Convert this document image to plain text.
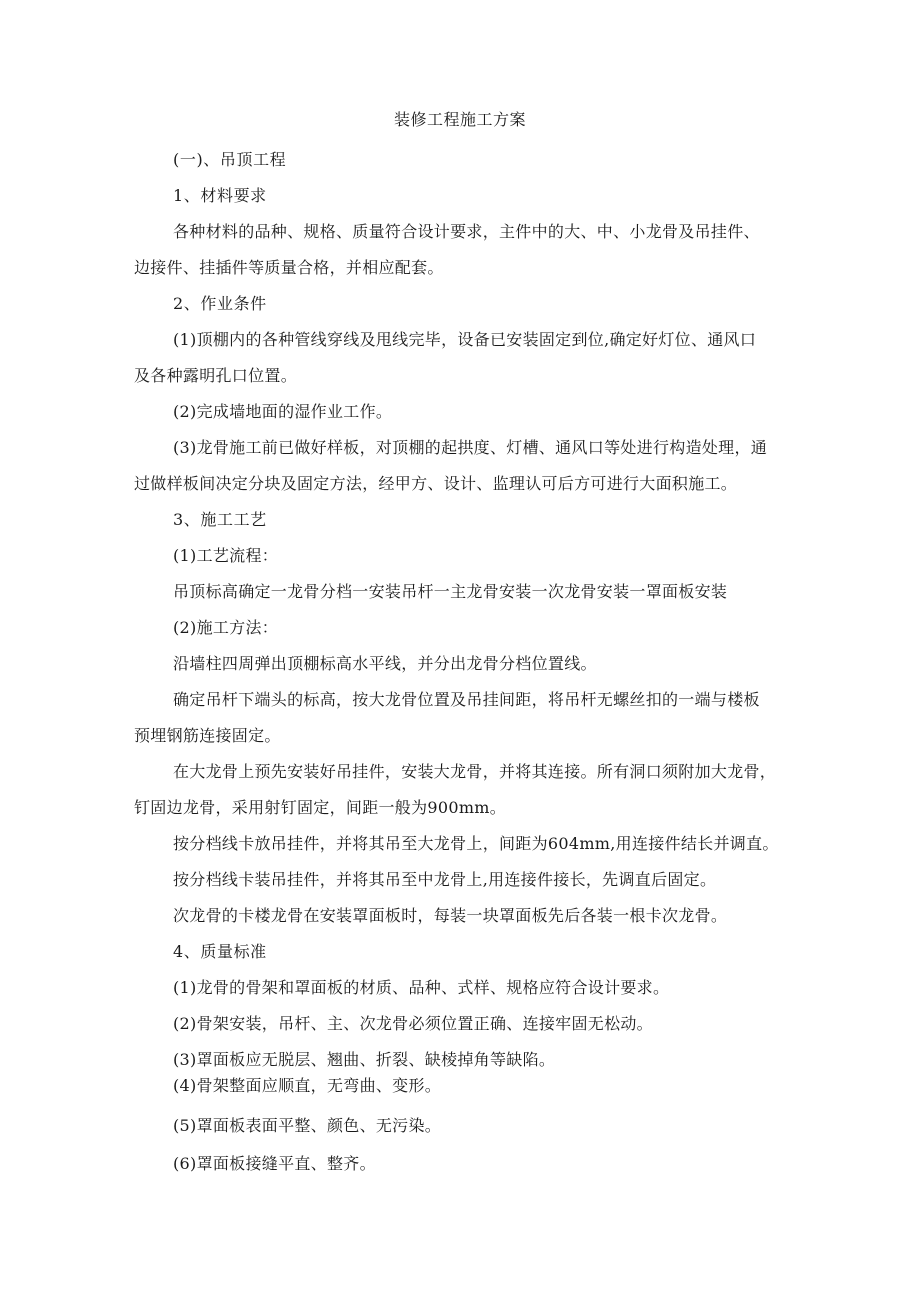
装修工程施工方案
(一)、吊顶工程
1、材料要求
各种材料的品种、规格、质量符合设计要求，主件中的大、中、小龙骨及吊挂件、
边接件、挂插件等质量合格，并相应配套。
2、作业条件
(1)顶棚内的各种管线穿线及甩线完毕，设备已安装固定到位,确定好灯位、通风口
及各种露明孔口位置。
(2)完成墙地面的湿作业工作。
(3)龙骨施工前已做好样板，对顶棚的起拱度、灯槽、通风口等处进行构造处理，通
过做样板间决定分块及固定方法，经甲方、设计、监理认可后方可进行大面积施工。
3、施工工艺
(1)工艺流程：
吊顶标高确定一龙骨分档一安装吊杆一主龙骨安装一次龙骨安装一罩面板安装
(2)施工方法：
沿墙柱四周弹出顶棚标高水平线，并分出龙骨分档位置线。
确定吊杆下端头的标高，按大龙骨位置及吊挂间距，将吊杆无螺丝扣的一端与楼板
预埋钢筋连接固定。
在大龙骨上预先安装好吊挂件，安装大龙骨，并将其连接。所有洞口须附加大龙骨，
钉固边龙骨，采用射钉固定，间距一般为900mm。
按分档线卡放吊挂件，并将其吊至大龙骨上，间距为604mm,用连接件结长并调直。
按分档线卡装吊挂件，并将其吊至中龙骨上,用连接件接长，先调直后固定。
次龙骨的卡楼龙骨在安装罩面板时，每装一块罩面板先后各装一根卡次龙骨。
4、质量标准
(1)龙骨的骨架和罩面板的材质、品种、式样、规格应符合设计要求。
(2)骨架安装，吊杆、主、次龙骨必须位置正确、连接牢固无松动。
(3)罩面板应无脱层、翘曲、折裂、缺棱掉角等缺陷。
(4)骨架整面应顺直，无弯曲、变形。
(5)罩面板表面平整、颜色、无污染。
(6)罩面板接缝平直、整齐。
